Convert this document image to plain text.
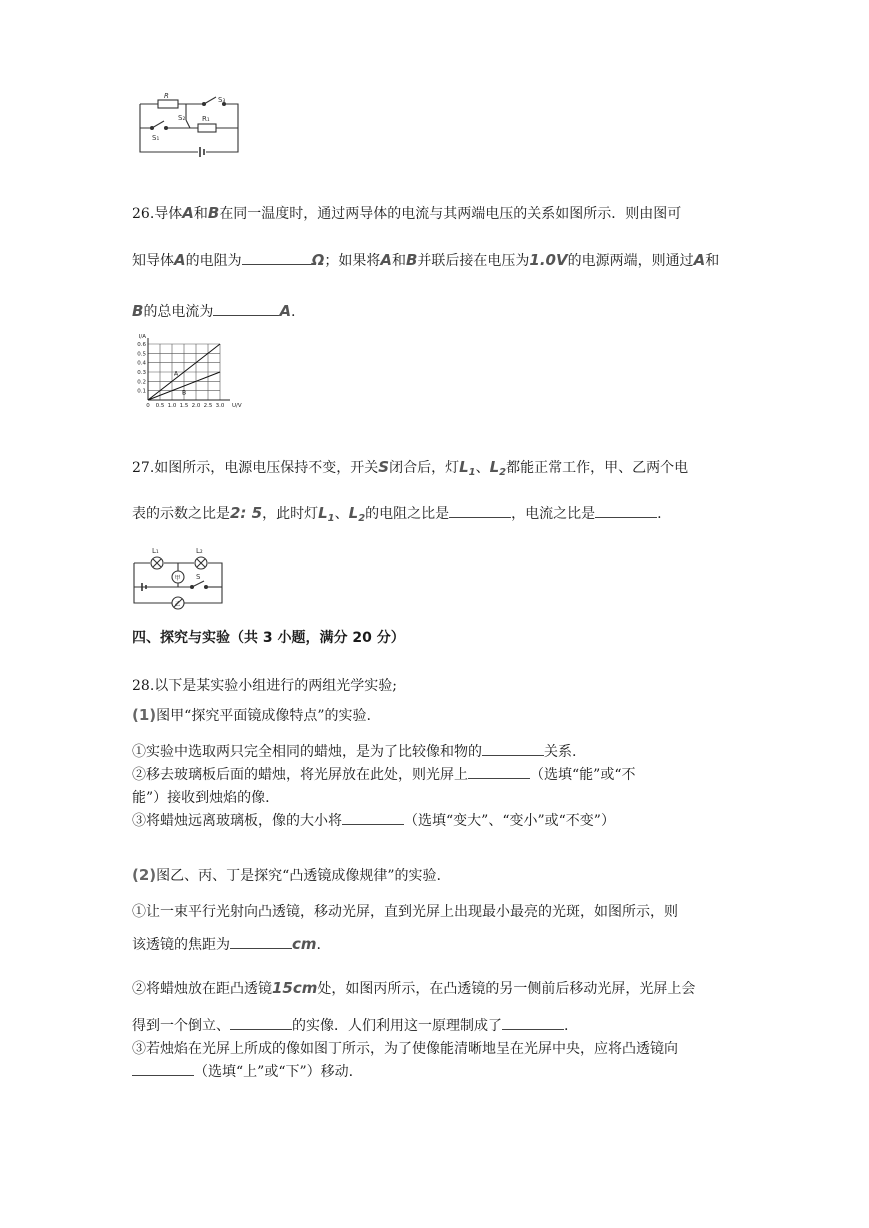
R	S₃
S₂ R₁
S₁
26.导体A和B在同一温度时，通过两导体的电流与其两端电压的关系如图所示．则由图可
知导体A的电阻为	Ω；如果将A和B并联后接在电压为1.0V的电源两端，则通过A和
B的总电流为	A.
0.6
0.5
0.4
0.3
0.2
0.1
0 0.5 1.0 1.5 2.0 2.5 3.0
I/A
U/V
A
B
27.如图所示，电源电压保持不变，开关S闭合后，灯$L_1$、$L_2$都能正常工作，甲、乙两个电
表的示数之比是2: 5，此时灯$L_1$、$L_2$的电阻之比是	，电流之比是	.
L₁	L₂
甲 S
乙
四、探究与实验（共 3 小题，满分 20 分）
28.以下是某实验小组进行的两组光学实验;
(1)图甲“探究平面镜成像特点”的实验.
①实验中选取两只完全相同的蜡烛，是为了比较像和物的	关系.
②移去玻璃板后面的蜡烛，将光屏放在此处，则光屏上	（选填“能”或“不
能”）接收到烛焰的像.
③将蜡烛远离玻璃板，像的大小将	（选填“变大”、“变小”或“不变”）
(2)图乙、丙、丁是探究“凸透镜成像规律”的实验.
①让一束平行光射向凸透镜，移动光屏，直到光屏上出现最小最亮的光斑，如图所示，则
该透镜的焦距为	cm.
②将蜡烛放在距凸透镜15cm处，如图丙所示，在凸透镜的另一侧前后移动光屏，光屏上会
得到一个倒立、	的实像．人们利用这一原理制成了	.
③若烛焰在光屏上所成的像如图丁所示，为了使像能清晰地呈在光屏中央，应将凸透镜向
（选填“上”或“下”）移动.
